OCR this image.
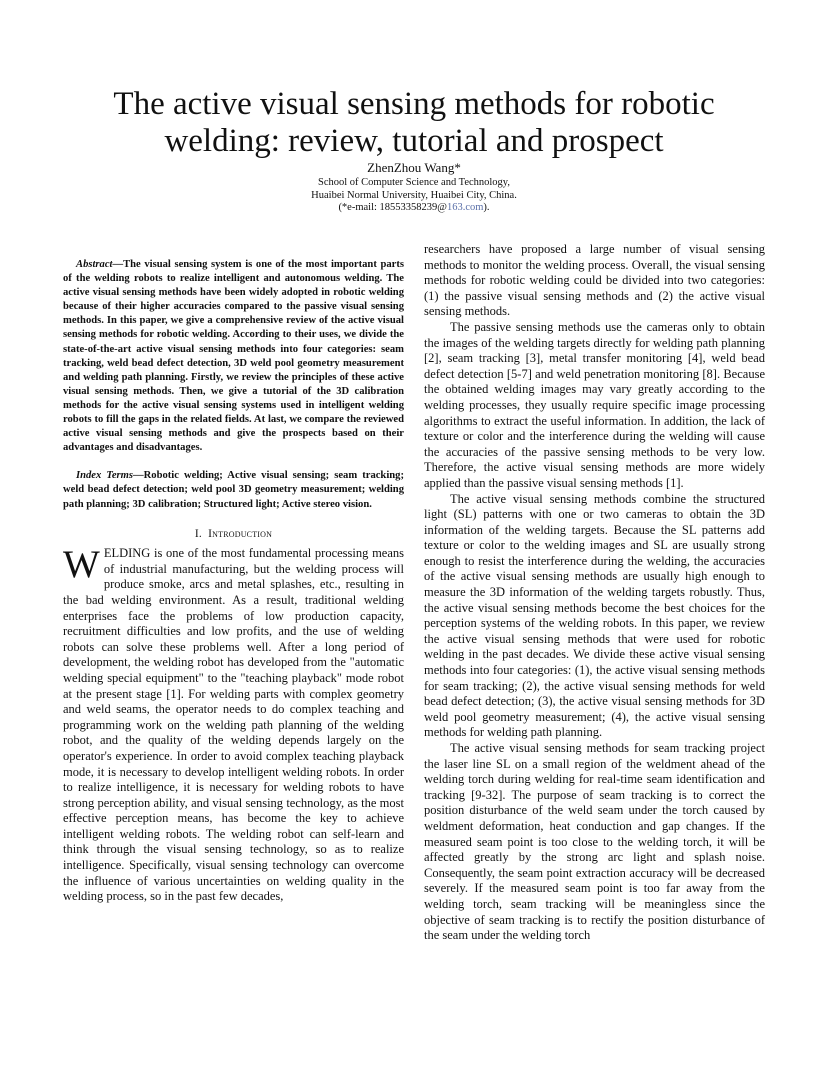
The active visual sensing methods for robotic
welding: review, tutorial and prospect
ZhenZhou Wang*
School of Computer Science and Technology,
Huaibei Normal University, Huaibei City, China.
(*e-mail: 18553358239@163.com).

Abstract—The visual sensing system is one of the most important parts of the welding robots to realize intelligent and autonomous welding. The active visual sensing methods have been widely adopted in robotic welding because of their higher accuracies compared to the passive visual sensing methods. In this paper, we give a comprehensive review of the active visual sensing methods for robotic welding. According to their uses, we divide the state-of-the-art active visual sensing methods into four categories: seam tracking, weld bead defect detection, 3D weld pool geometry measurement and welding path planning. Firstly, we review the principles of these active visual sensing methods. Then, we give a tutorial of the 3D calibration methods for the active visual sensing systems used in intelligent welding robots to fill the gaps in the related fields. At last, we compare the reviewed active visual sensing methods and give the prospects based on their advantages and disadvantages.

Index Terms—Robotic welding; Active visual sensing; seam tracking; weld bead defect detection; weld pool 3D geometry measurement; welding path planning; 3D calibration; Structured light; Active stereo vision.

I. Introduction

WELDING is one of the most fundamental processing means of industrial manufacturing, but the welding process will produce smoke, arcs and metal splashes, etc., resulting in the bad welding environment. As a result, traditional welding enterprises face the problems of low production capacity, recruitment difficulties and low profits, and the use of welding robots can solve these problems well. After a long period of development, the welding robot has developed from the "automatic welding special equipment" to the "teaching playback" mode robot at the present stage [1]. For welding parts with complex geometry and weld seams, the operator needs to do complex teaching and programming work on the welding path planning of the welding robot, and the quality of the welding depends largely on the operator's experience. In order to avoid complex teaching playback mode, it is necessary to develop intelligent welding robots. In order to realize intelligence, it is necessary for welding robots to have strong perception ability, and visual sensing technology, as the most effective perception means, has become the key to achieve intelligent welding robots. The welding robot can self-learn and think through the visual sensing technology, so as to realize intelligence. Specifically, visual sensing technology can overcome the influence of various uncertainties on welding quality in the welding process, so in the past few decades,

researchers have proposed a large number of visual sensing methods to monitor the welding process. Overall, the visual sensing methods for robotic welding could be divided into two categories: (1) the passive visual sensing methods and (2) the active visual sensing methods.

The passive sensing methods use the cameras only to obtain the images of the welding targets directly for welding path planning [2], seam tracking [3], metal transfer monitoring [4], weld bead defect detection [5-7] and weld penetration monitoring [8]. Because the obtained welding images may vary greatly according to the welding processes, they usually require specific image processing algorithms to extract the useful information. In addition, the lack of texture or color and the interference during the welding will cause the accuracies of the passive sensing methods to be very low. Therefore, the active visual sensing methods are more widely applied than the passive visual sensing methods [1].

The active visual sensing methods combine the structured light (SL) patterns with one or two cameras to obtain the 3D information of the welding targets. Because the SL patterns add texture or color to the welding images and SL are usually strong enough to resist the interference during the welding, the accuracies of the active visual sensing methods are usually high enough to measure the 3D information of the welding targets robustly. Thus, the active visual sensing methods become the best choices for the perception systems of the welding robots. In this paper, we review the active visual sensing methods that were used for robotic welding in the past decades. We divide these active visual sensing methods into four categories: (1), the active visual sensing methods for seam tracking; (2), the active visual sensing methods for weld bead defect detection; (3), the active visual sensing methods for 3D weld pool geometry measurement; (4), the active visual sensing methods for welding path planning.

The active visual sensing methods for seam tracking project the laser line SL on a small region of the weldment ahead of the welding torch during welding for real-time seam identification and tracking [9-32]. The purpose of seam tracking is to correct the position disturbance of the weld seam under the torch caused by weldment deformation, heat conduction and gap changes. If the measured seam point is too close to the welding torch, it will be affected greatly by the strong arc light and splash noise. Consequently, the seam point extraction accuracy will be decreased severely. If the measured seam point is too far away from the welding torch, seam tracking will be meaningless since the objective of seam tracking is to rectify the position disturbance of the seam under the welding torch
